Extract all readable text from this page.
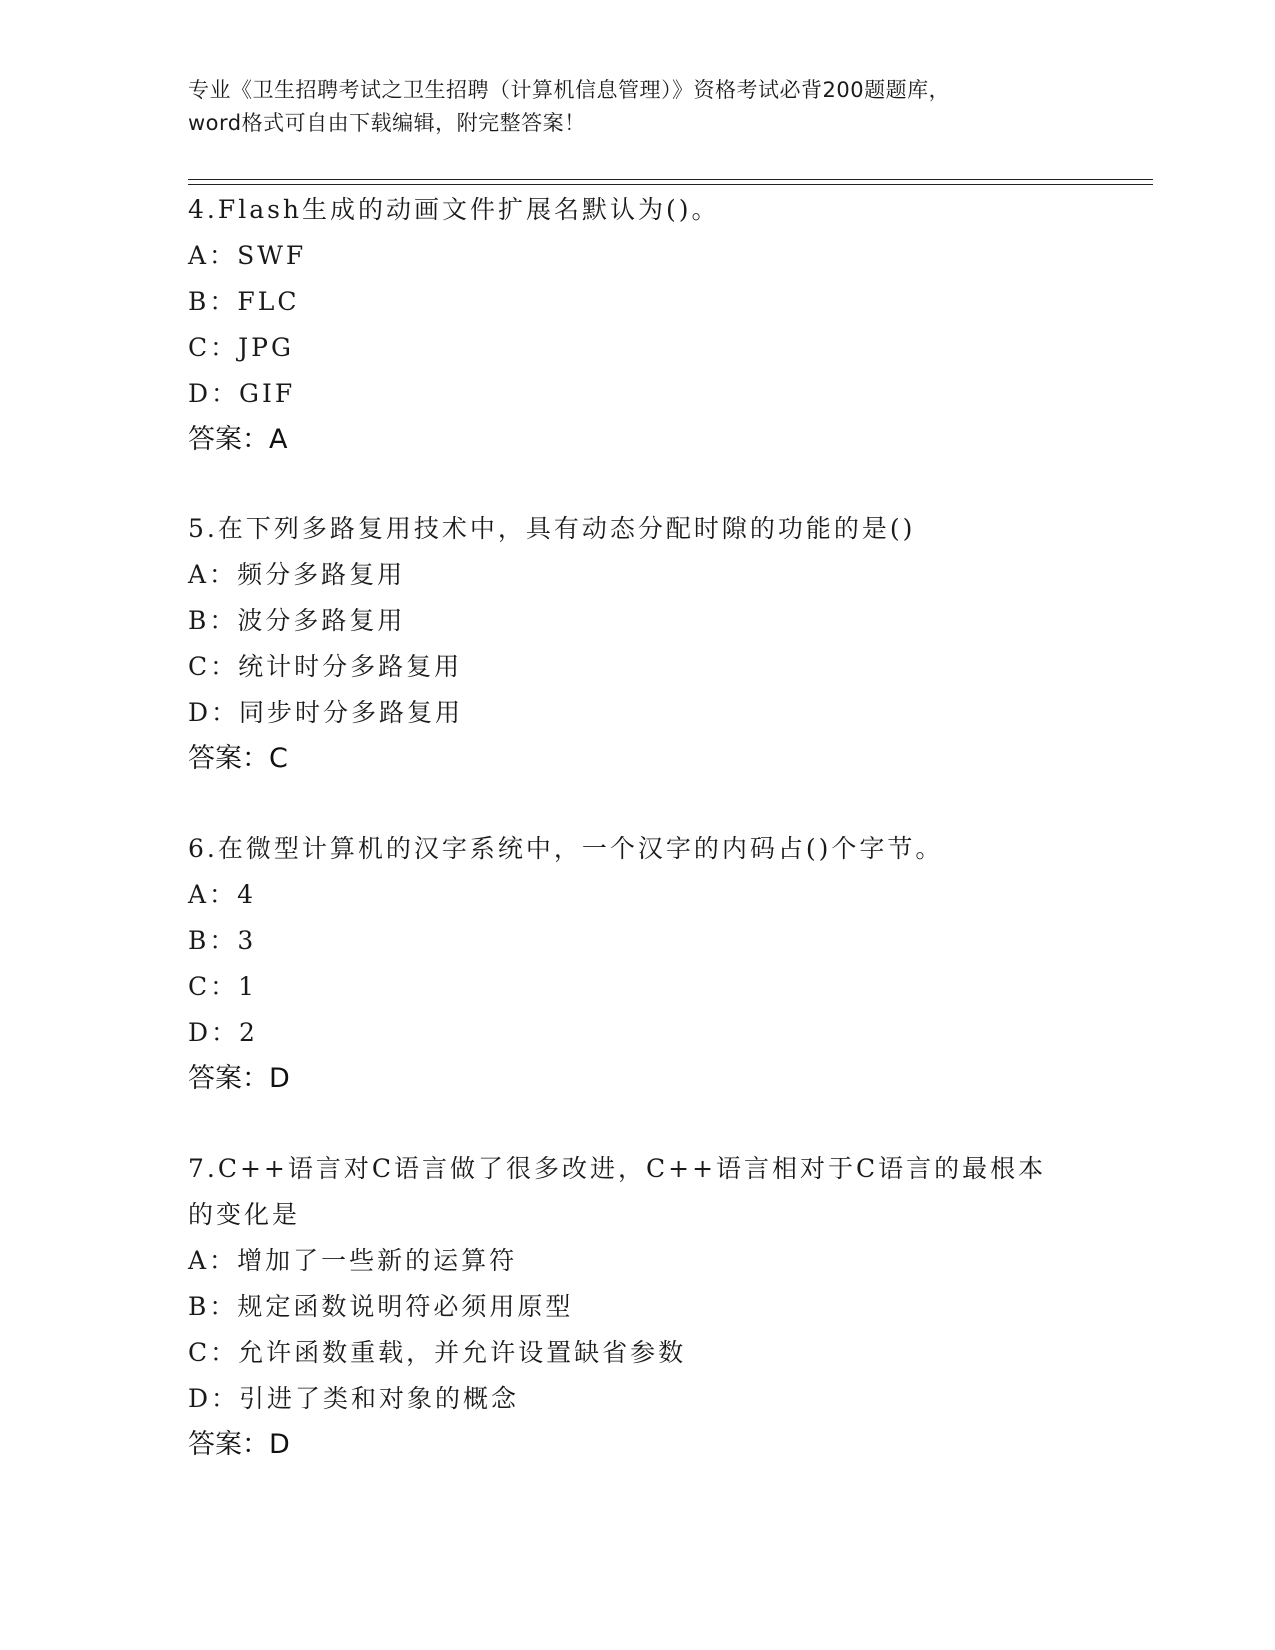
专业《卫生招聘考试之卫生招聘（计算机信息管理）》资格考试必背200题题库，
word格式可自由下载编辑，附完整答案！
4.Flash生成的动画文件扩展名默认为()。
A：SWF
B：FLC
C：JPG
D：GIF
答案：A
5.在下列多路复用技术中，具有动态分配时隙的功能的是()
A：频分多路复用
B：波分多路复用
C：统计时分多路复用
D：同步时分多路复用
答案：C
6.在微型计算机的汉字系统中，一个汉字的内码占()个字节。
A：4
B：3
C：1
D：2
答案：D
7.C++语言对C语言做了很多改进，C++语言相对于C语言的最根本的变化是
A：增加了一些新的运算符
B：规定函数说明符必须用原型
C：允许函数重载，并允许设置缺省参数
D：引进了类和对象的概念
答案：D
